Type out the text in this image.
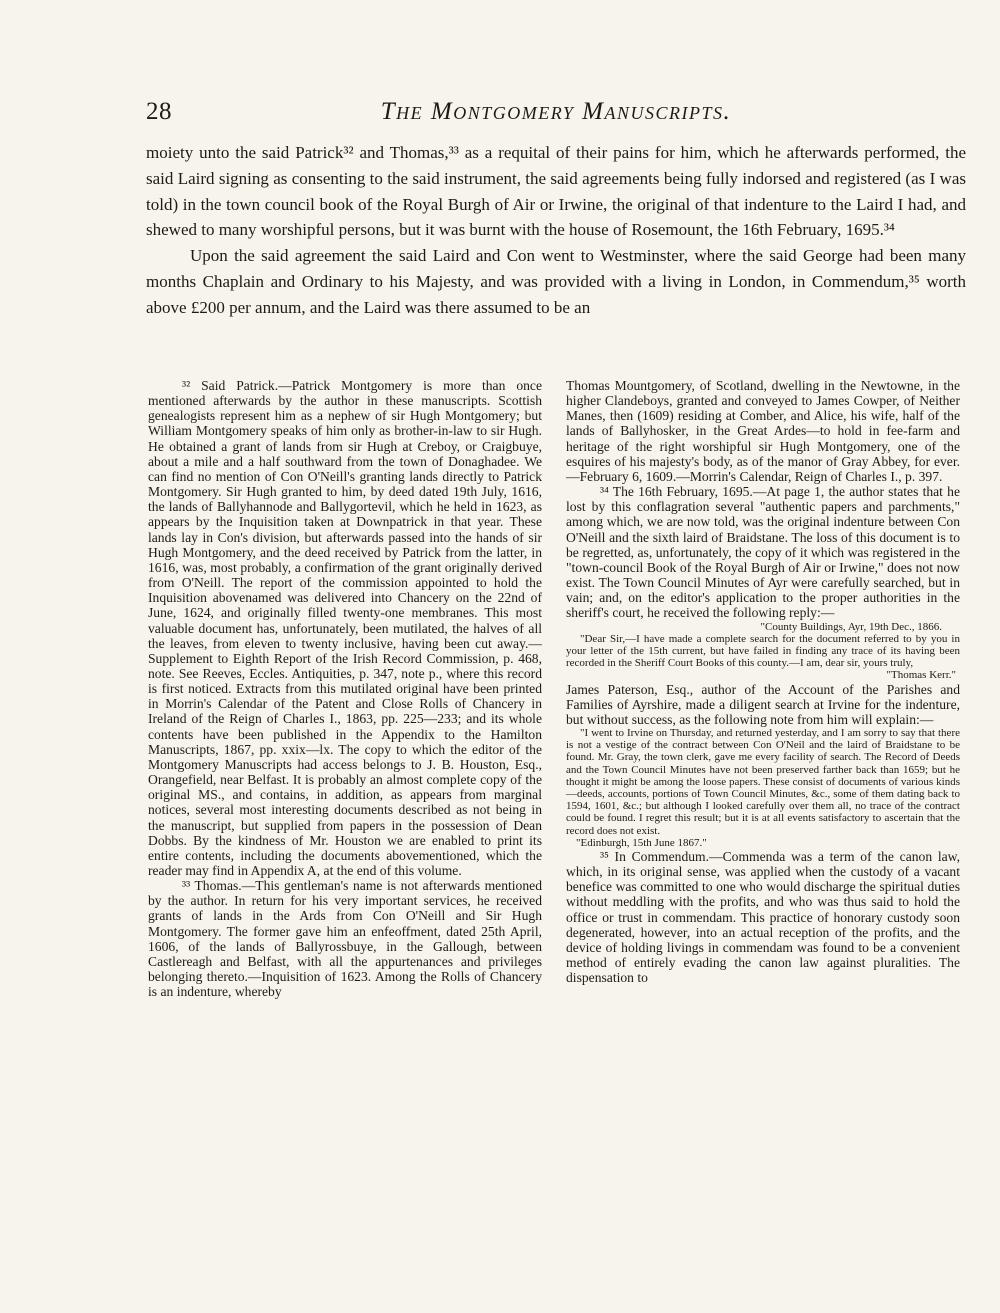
28	The Montgomery Manuscripts.

moiety unto the said Patrick³² and Thomas,³³ as a requital of their pains for him, which he afterwards performed, the said Laird signing as consenting to the said instrument, the said agreements being fully indorsed and registered (as I was told) in the town council book of the Royal Burgh of Air or Irwine, the original of that indenture to the Laird I had, and shewed to many worshipful persons, but it was burnt with the house of Rosemount, the 16th February, 1695.³⁴

Upon the said agreement the said Laird and Con went to Westminster, where the said George had been many months Chaplain and Ordinary to his Majesty, and was provided with a living in London, in Commendum,³⁵ worth above £200 per annum, and the Laird was there assumed to be an

³² Said Patrick.—Patrick Montgomery is more than once mentioned afterwards by the author in these manuscripts. Scottish genealogists represent him as a nephew of sir Hugh Montgomery; but William Montgomery speaks of him only as brother-in-law to sir Hugh. He obtained a grant of lands from sir Hugh at Creboy, or Craigbuye, about a mile and a half southward from the town of Donaghadee. We can find no mention of Con O'Neill's granting lands directly to Patrick Montgomery. Sir Hugh granted to him, by deed dated 19th July, 1616, the lands of Ballyhannode and Ballygortevil, which he held in 1623, as appears by the Inquisition taken at Downpatrick in that year. These lands lay in Con's division, but afterwards passed into the hands of sir Hugh Montgomery, and the deed received by Patrick from the latter, in 1616, was, most probably, a confirmation of the grant originally derived from O'Neill. The report of the commission appointed to hold the Inquisition abovenamed was delivered into Chancery on the 22nd of June, 1624, and originally filled twenty-one membranes. This most valuable document has, unfortunately, been mutilated, the halves of all the leaves, from eleven to twenty inclusive, having been cut away.—Supplement to Eighth Report of the Irish Record Commission, p. 468, note. See Reeves, Eccles. Antiquities, p. 347, note p., where this record is first noticed. Extracts from this mutilated original have been printed in Morrin's Calendar of the Patent and Close Rolls of Chancery in Ireland of the Reign of Charles I., 1863, pp. 225—233; and its whole contents have been published in the Appendix to the Hamilton Manuscripts, 1867, pp. xxix—lx. The copy to which the editor of the Montgomery Manuscripts had access belongs to J. B. Houston, Esq., Orangefield, near Belfast. It is probably an almost complete copy of the original MS., and contains, in addition, as appears from marginal notices, several most interesting documents described as not being in the manuscript, but supplied from papers in the possession of Dean Dobbs. By the kindness of Mr. Houston we are enabled to print its entire contents, including the documents abovementioned, which the reader may find in Appendix A, at the end of this volume.

³³ Thomas.—This gentleman's name is not afterwards mentioned by the author. In return for his very important services, he received grants of lands in the Ards from Con O'Neill and Sir Hugh Montgomery. The former gave him an enfeoffment, dated 25th April, 1606, of the lands of Ballyrossbuye, in the Gallough, between Castlereagh and Belfast, with all the appurtenances and privileges belonging thereto.—Inquisition of 1623. Among the Rolls of Chancery is an indenture, whereby

Thomas Mountgomery, of Scotland, dwelling in the Newtowne, in the higher Clandeboys, granted and conveyed to James Cowper, of Neither Manes, then (1609) residing at Comber, and Alice, his wife, half of the lands of Ballyhosker, in the Great Ardes—to hold in fee-farm and heritage of the right worshipful sir Hugh Montgomery, one of the esquires of his majesty's body, as of the manor of Gray Abbey, for ever.—February 6, 1609.—Morrin's Calendar, Reign of Charles I., p. 397.

³⁴ The 16th February, 1695.—At page 1, the author states that he lost by this conflagration several "authentic papers and parchments," among which, we are now told, was the original indenture between Con O'Neill and the sixth laird of Braidstane. The loss of this document is to be regretted, as, unfortunately, the copy of it which was registered in the "town-council Book of the Royal Burgh of Air or Irwine," does not now exist. The Town Council Minutes of Ayr were carefully searched, but in vain; and, on the editor's application to the proper authorities in the sheriff's court, he received the following reply:—

"County Buildings, Ayr, 19th Dec., 1866.

"Dear Sir,—I have made a complete search for the document referred to by you in your letter of the 15th current, but have failed in finding any trace of its having been recorded in the Sheriff Court Books of this county.—I am, dear sir, yours truly,

"Thomas Kerr."

James Paterson, Esq., author of the Account of the Parishes and Families of Ayrshire, made a diligent search at Irvine for the indenture, but without success, as the following note from him will explain:—

"I went to Irvine on Thursday, and returned yesterday, and I am sorry to say that there is not a vestige of the contract between Con O'Neil and the laird of Braidstane to be found. Mr. Gray, the town clerk, gave me every facility of search. The Record of Deeds and the Town Council Minutes have not been preserved farther back than 1659; but he thought it might be among the loose papers. These consist of documents of various kinds—deeds, accounts, portions of Town Council Minutes, &c., some of them dating back to 1594, 1601, &c.; but although I looked carefully over them all, no trace of the contract could be found. I regret this result; but it is at all events satisfactory to ascertain that the record does not exist.

"Edinburgh, 15th June 1867."

³⁵ In Commendum.—Commenda was a term of the canon law, which, in its original sense, was applied when the custody of a vacant benefice was committed to one who would discharge the spiritual duties without meddling with the profits, and who was thus said to hold the office or trust in commendam. This practice of honorary custody soon degenerated, however, into an actual reception of the profits, and the device of holding livings in commendam was found to be a convenient method of entirely evading the canon law against pluralities. The dispensation to
